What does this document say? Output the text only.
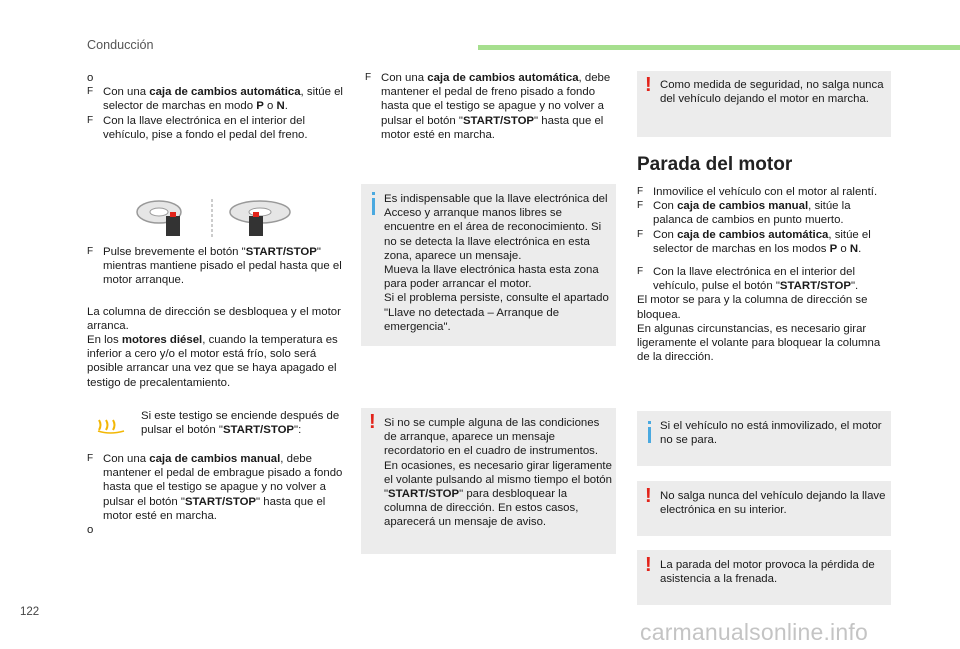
Conducción
o
F Con una caja de cambios automática, sitúe el selector de marchas en modo P o N.
F Con la llave electrónica en el interior del vehículo, pise a fondo el pedal del freno.
F Pulse brevemente el botón "START/STOP" mientras mantiene pisado el pedal hasta que el motor arranque.
La columna de dirección se desbloquea y el motor arranca.
En los motores diésel, cuando la temperatura es inferior a cero y/o el motor está frío, solo será posible arrancar una vez que se haya apagado el testigo de precalentamiento.
Si este testigo se enciende después de pulsar el botón "START/STOP":
F Con una caja de cambios manual, debe mantener el pedal de embrague pisado a fondo hasta que el testigo se apague y no volver a pulsar el botón "START/STOP" hasta que el motor esté en marcha.
o
F Con una caja de cambios automática, debe mantener el pedal de freno pisado a fondo hasta que el testigo se apague y no volver a pulsar el botón "START/STOP" hasta que el motor esté en marcha.
Es indispensable que la llave electrónica del Acceso y arranque manos libres se encuentre en el área de reconocimiento. Si no se detecta la llave electrónica en esta zona, aparece un mensaje.
Mueva la llave electrónica hasta esta zona para poder arrancar el motor.
Si el problema persiste, consulte el apartado "Llave no detectada – Arranque de emergencia".
! Si no se cumple alguna de las condiciones de arranque, aparece un mensaje recordatorio en el cuadro de instrumentos. En ocasiones, es necesario girar ligeramente el volante pulsando al mismo tiempo el botón "START/STOP" para desbloquear la columna de dirección. En estos casos, aparecerá un mensaje de aviso.
! Como medida de seguridad, no salga nunca del vehículo dejando el motor en marcha.
Parada del motor
F Inmovilice el vehículo con el motor al ralentí.
F Con caja de cambios manual, sitúe la palanca de cambios en punto muerto.
F Con caja de cambios automática, sitúe el selector de marchas en los modos P o N.
F Con la llave electrónica en el interior del vehículo, pulse el botón "START/STOP".
El motor se para y la columna de dirección se bloquea.
En algunas circunstancias, es necesario girar ligeramente el volante para bloquear la columna de la dirección.
Si el vehículo no está inmovilizado, el motor no se para.
! No salga nunca del vehículo dejando la llave electrónica en su interior.
! La parada del motor provoca la pérdida de asistencia a la frenada.
122
carmanualsonline.info
